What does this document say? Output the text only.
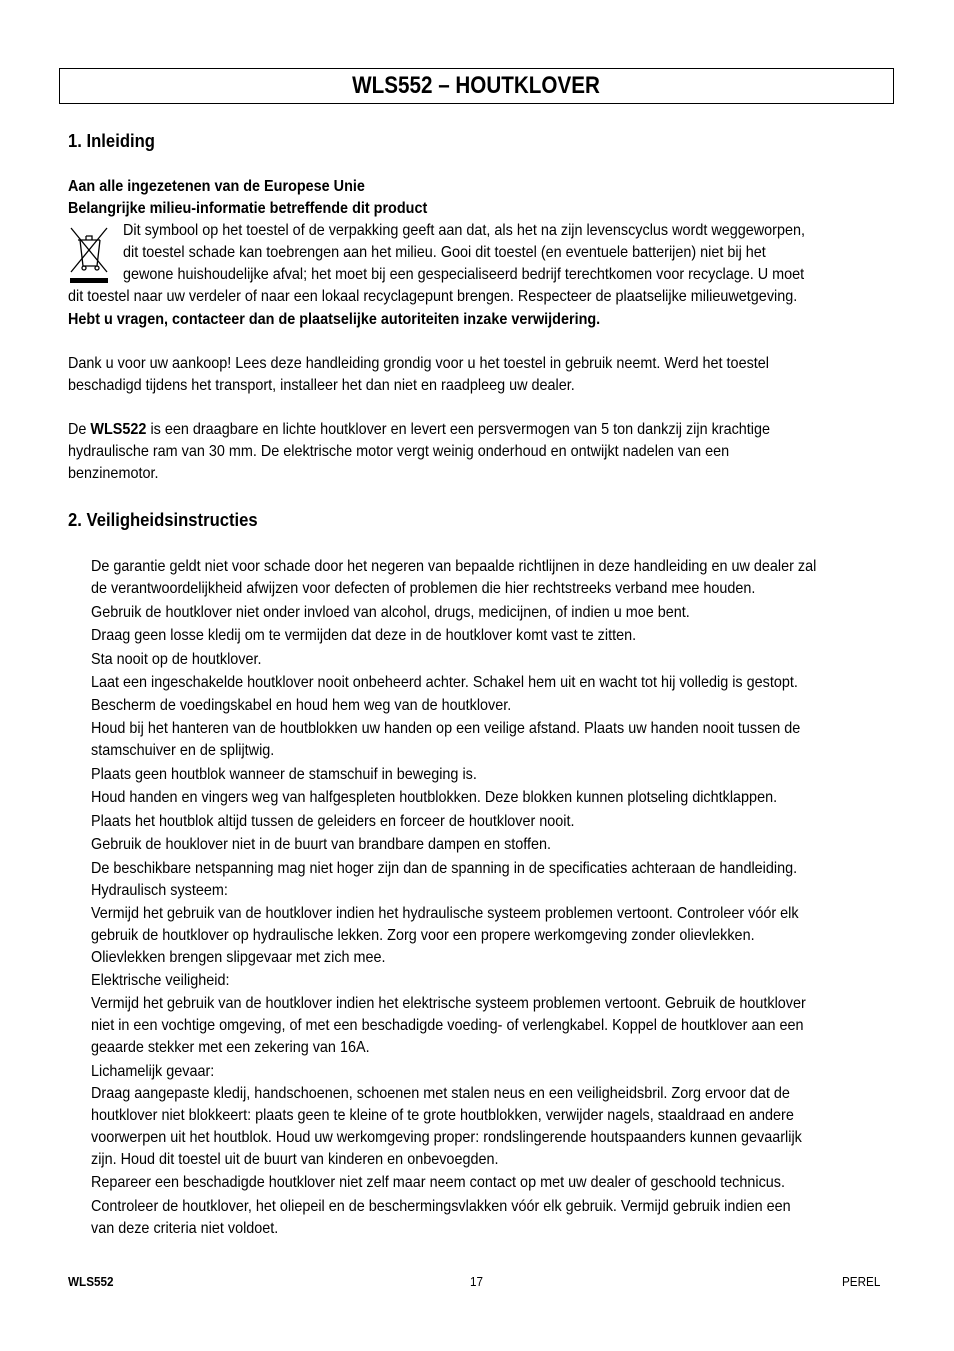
WLS552 – HOUTKLOVER
1. Inleiding
Aan alle ingezetenen van de Europese Unie
Belangrijke milieu-informatie betreffende dit product
Dit symbool op het toestel of de verpakking geeft aan dat, als het na zijn levenscyclus wordt weggeworpen,
dit toestel schade kan toebrengen aan het milieu. Gooi dit toestel (en eventuele batterijen) niet bij het
gewone huishoudelijke afval; het moet bij een gespecialiseerd bedrijf terechtkomen voor recyclage. U moet
dit toestel naar uw verdeler of naar een lokaal recyclagepunt brengen. Respecteer de plaatselijke milieuwetgeving.
Hebt u vragen, contacteer dan de plaatselijke autoriteiten inzake verwijdering.
Dank u voor uw aankoop! Lees deze handleiding grondig voor u het toestel in gebruik neemt. Werd het toestel
beschadigd tijdens het transport, installeer het dan niet en raadpleeg uw dealer.
De WLS522 is een draagbare en lichte houtklover en levert een persvermogen van 5 ton dankzij zijn krachtige
hydraulische ram van 30 mm. De elektrische motor vergt weinig onderhoud en ontwijkt nadelen van een
benzinemotor.
2. Veiligheidsinstructies
De garantie geldt niet voor schade door het negeren van bepaalde richtlijnen in deze handleiding en uw dealer zal
de verantwoordelijkheid afwijzen voor defecten of problemen die hier rechtstreeks verband mee houden.
Gebruik de houtklover niet onder invloed van alcohol, drugs, medicijnen, of indien u moe bent.
Draag geen losse kledij om te vermijden dat deze in de houtklover komt vast te zitten.
Sta nooit op de houtklover.
Laat een ingeschakelde houtklover nooit onbeheerd achter. Schakel hem uit en wacht tot hij volledig is gestopt.
Bescherm de voedingskabel en houd hem weg van de houtklover.
Houd bij het hanteren van de houtblokken uw handen op een veilige afstand. Plaats uw handen nooit tussen de
stamschuiver en de splijtwig.
Plaats geen houtblok wanneer de stamschuif in beweging is.
Houd handen en vingers weg van halfgespleten houtblokken. Deze blokken kunnen plotseling dichtklappen.
Plaats het houtblok altijd tussen de geleiders en forceer de houtklover nooit.
Gebruik de houklover niet in de buurt van brandbare dampen en stoffen.
De beschikbare netspanning mag niet hoger zijn dan de spanning in de specificaties achteraan de handleiding.
Hydraulisch systeem:
Vermijd het gebruik van de houtklover indien het hydraulische systeem problemen vertoont. Controleer vóór elk
gebruik de houtklover op hydraulische lekken. Zorg voor een propere werkomgeving zonder olievlekken.
Olievlekken brengen slipgevaar met zich mee.
Elektrische veiligheid:
Vermijd het gebruik van de houtklover indien het elektrische systeem problemen vertoont. Gebruik de houtklover
niet in een vochtige omgeving, of met een beschadigde voeding- of verlengkabel. Koppel de houtklover aan een
geaarde stekker met een zekering van 16A.
Lichamelijk gevaar:
Draag aangepaste kledij, handschoenen, schoenen met stalen neus en een veiligheidsbril. Zorg ervoor dat de
houtklover niet blokkeert: plaats geen te kleine of te grote houtblokken, verwijder nagels, staaldraad en andere
voorwerpen uit het houtblok. Houd uw werkomgeving proper: rondslingerende houtspaanders kunnen gevaarlijk
zijn. Houd dit toestel uit de buurt van kinderen en onbevoegden.
Repareer een beschadigde houtklover niet zelf maar neem contact op met uw dealer of geschoold technicus.
Controleer de houtklover, het oliepeil en de beschermingsvlakken vóór elk gebruik. Vermijd gebruik indien een
van deze criteria niet voldoet.
WLS552	17	PEREL
